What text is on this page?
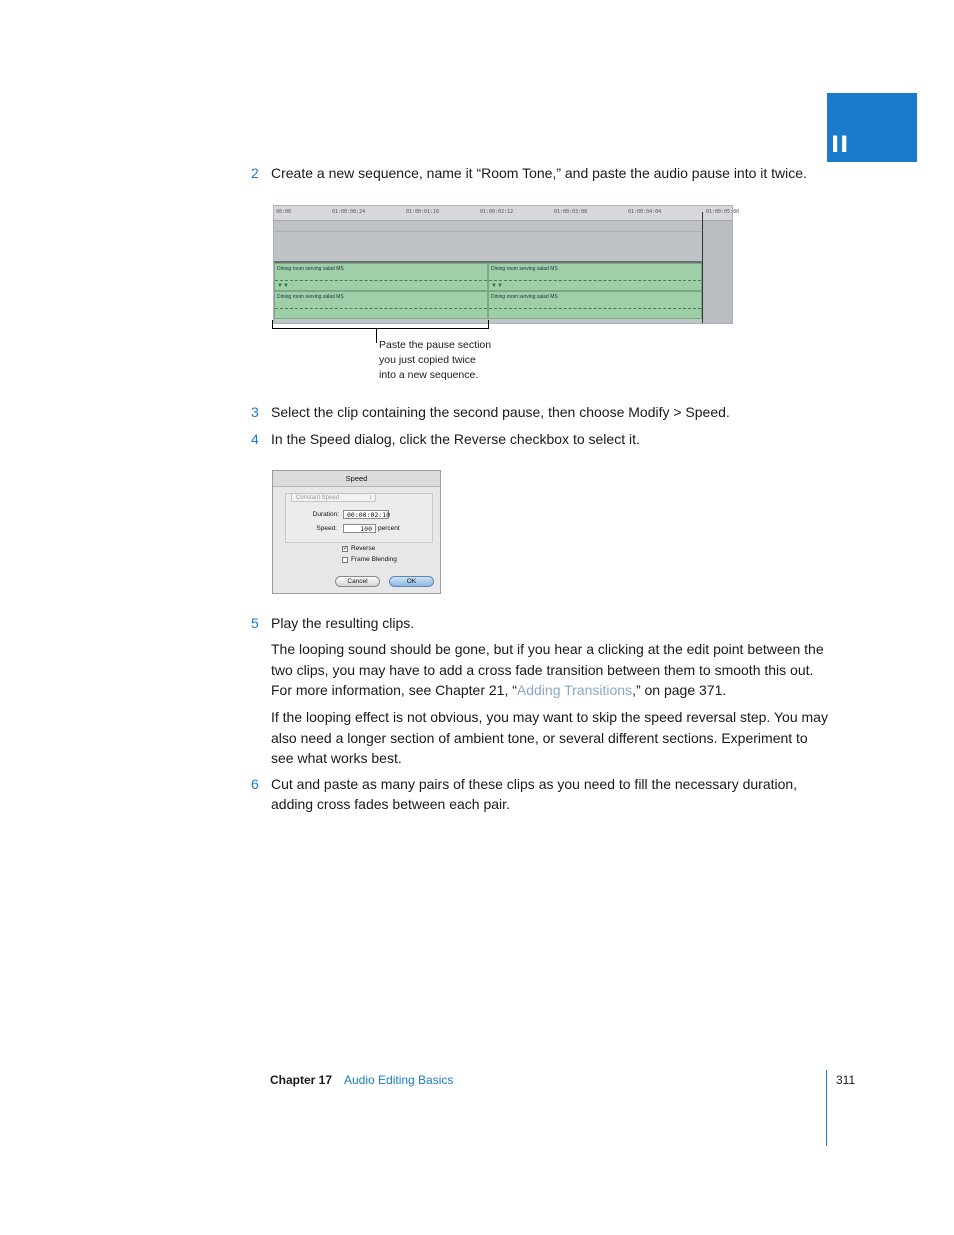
II
2 Create a new sequence, name it “Room Tone,” and paste the audio pause into it twice.
00:00	01:00:00:24	01:00:01:16	01:00:02:12	01:00:03:08	01:00:04:04	01:00:05:00
Dining room serving salad MS
▼▼
Dining room serving salad MS
▼▼
Dining room serving salad MS	Dining room serving salad MS
Paste the pause section
you just copied twice
into a new sequence.
3 Select the clip containing the second pause, then choose Modify > Speed.
4 In the Speed dialog, click the Reverse checkbox to select it.
Speed
Constant Speed	↕
Duration:	00:00:02:10
Speed:	100 percent
✓ Reverse
Frame Blending
Cancel	OK
5 Play the resulting clips.
The looping sound should be gone, but if you hear a clicking at the edit point between the two clips, you may have to add a cross fade transition between them to smooth this out. For more information, see Chapter 21, “Adding Transitions,” on page 371.
If the looping effect is not obvious, you may want to skip the speed reversal step. You may also need a longer section of ambient tone, or several different sections. Experiment to see what works best.
6 Cut and paste as many pairs of these clips as you need to fill the necessary duration, adding cross fades between each pair.
Chapter 17 Audio Editing Basics	311
